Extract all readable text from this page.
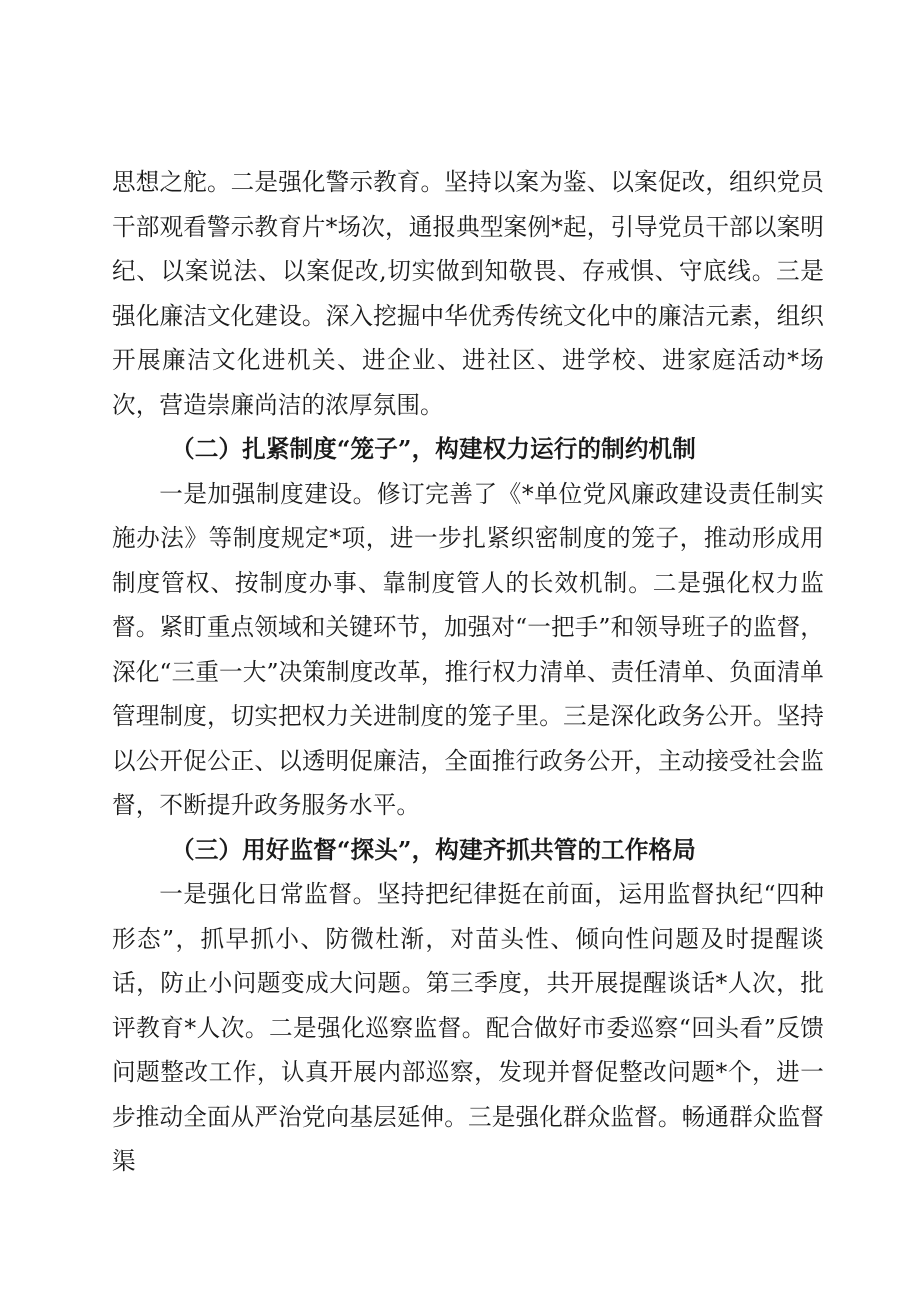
思想之舵。二是强化警示教育。坚持以案为鉴、以案促改，组织党员干部观看警示教育片*场次，通报典型案例*起，引导党员干部以案明纪、以案说法、以案促改,切实做到知敬畏、存戒惧、守底线。三是强化廉洁文化建设。深入挖掘中华优秀传统文化中的廉洁元素，组织开展廉洁文化进机关、进企业、进社区、进学校、进家庭活动*场次，营造崇廉尚洁的浓厚氛围。

（二）扎紧制度“笼子”，构建权力运行的制约机制

一是加强制度建设。修订完善了《*单位党风廉政建设责任制实施办法》等制度规定*项，进一步扎紧织密制度的笼子，推动形成用制度管权、按制度办事、靠制度管人的长效机制。二是强化权力监督。紧盯重点领域和关键环节，加强对“一把手”和领导班子的监督，深化“三重一大”决策制度改革，推行权力清单、责任清单、负面清单管理制度，切实把权力关进制度的笼子里。三是深化政务公开。坚持以公开促公正、以透明促廉洁，全面推行政务公开，主动接受社会监督，不断提升政务服务水平。

（三）用好监督“探头”，构建齐抓共管的工作格局

一是强化日常监督。坚持把纪律挺在前面，运用监督执纪“四种形态”，抓早抓小、防微杜渐，对苗头性、倾向性问题及时提醒谈话，防止小问题变成大问题。第三季度，共开展提醒谈话*人次，批评教育*人次。二是强化巡察监督。配合做好市委巡察“回头看”反馈问题整改工作，认真开展内部巡察，发现并督促整改问题*个，进一步推动全面从严治党向基层延伸。三是强化群众监督。畅通群众监督渠
